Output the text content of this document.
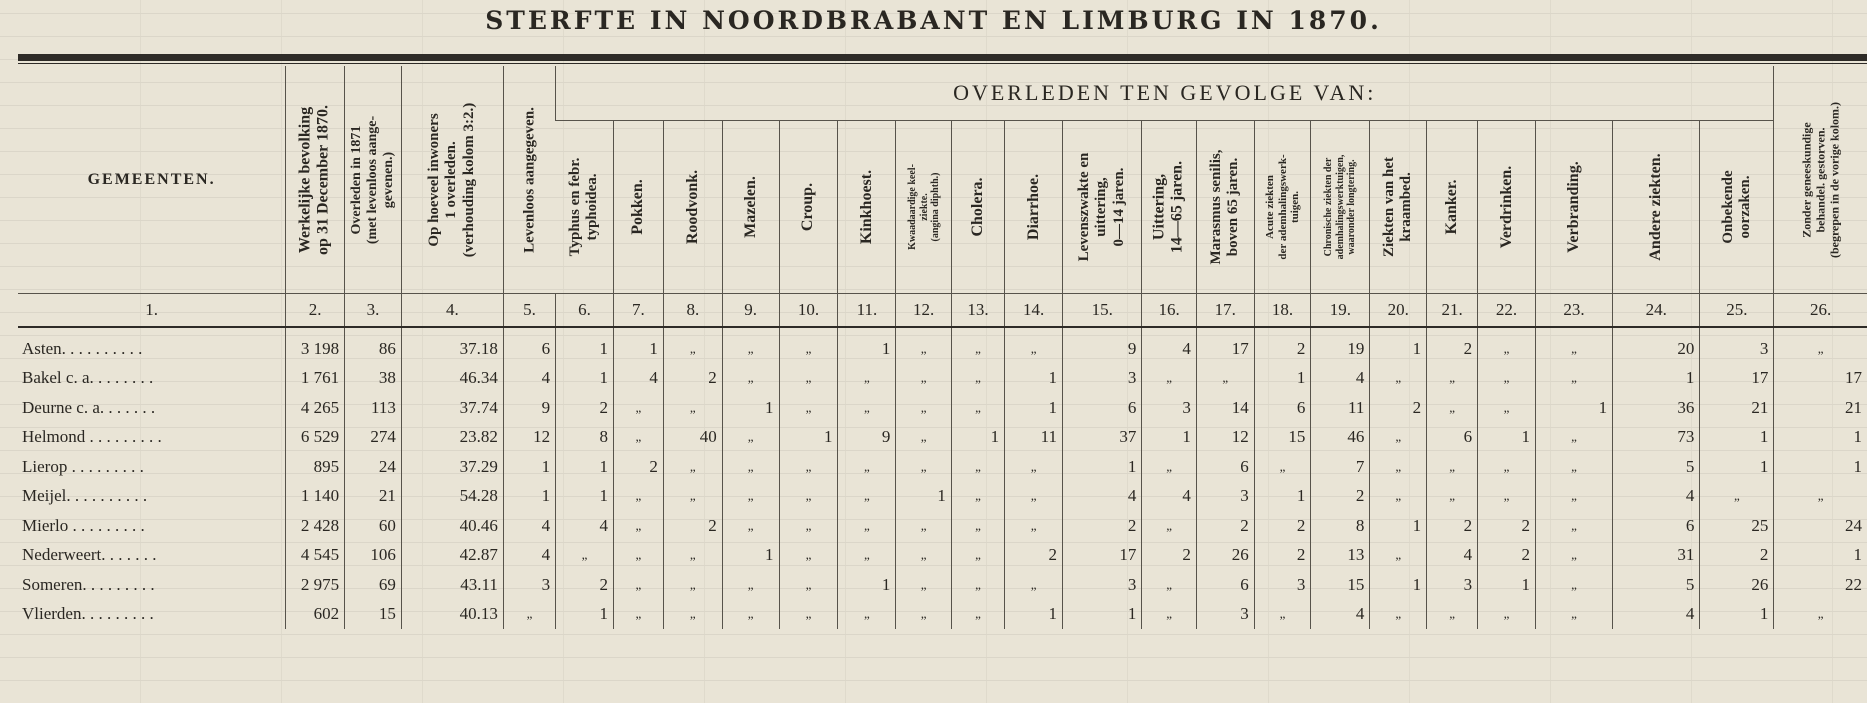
STERFTE IN NOORDBRABANT EN LIMBURG IN 1870.
GEMEENTEN.	Werkelijke bevolking
op 31 December 1870.	Overleden in 1871
(met levenloos aange-
gevenen.)	Op hoeveel inwoners
1 overleden.
(verhouding kolom 3:2.)	Levenloos aangegeven.	OVERLEDEN TEN GEVOLGE VAN:																				Zonder geneeskundige
behandel. gestorven.
(begrepen in de vorige kolom.)

					Typhus en febr.
typhoidea.	Pokken.	Roodvonk.	Mazelen.	Croup.	Kinkhoest.	Kwaadaardige keel-
ziekte.
(angina diphth.)	Cholera.	Diarrhoe.	Levenszwakte en
uittering,
0—14 jaren.	Uittering,
14—65 jaren.	Marasmus senilis,
boven 65 jaren.	Acute ziekten
der ademhalingswerk-
tuigen.	Chronische ziekten der
ademhalingswerktuigen,
waaronder longtering.	Ziekten van het
kraambed.	Kanker.	Verdrinken.	Verbranding.	Andere ziekten.	Onbekende
oorzaken.	

1.	2.	3.	4.	5.	6.	7.	8.	9.	10.	11.	12.	13.	14.	15.	16.	17.	18.	19.	20.	21.	22.	23.	24.	25.	26.

Asten. . . . . . . . . .	3 198	86	37.18	6	1	1	„	„	„	1	„	„	„	9	4	17	2	19	1	2	„	„	20	3	„
Bakel c. a. . . . . . . .	1 761	38	46.34	4	1	4	2	„	„	„	„	„	1	3	„	„	1	4	„	„	„	„	1	17	17
Deurne c. a. . . . . . .	4 265	113	37.74	9	2	„	„	1	„	„	„	„	1	6	3	14	6	11	2	„	„	1	36	21	21
Helmond . . . . . . . . .	6 529	274	23.82	12	8	„	40	„	1	9	„	1	11	37	1	12	15	46	„	6	1	„	73	1	1
Lierop . . . . . . . . .	895	24	37.29	1	1	2	„	„	„	„	„	„	„	1	„	6	„	7	„	„	„	„	5	1	1
Meijel. . . . . . . . . .	1 140	21	54.28	1	1	„	„	„	„	„	1	„	„	4	4	3	1	2	„	„	„	„	4	„	„
Mierlo . . . . . . . . .	2 428	60	40.46	4	4	„	2	„	„	„	„	„	„	2	„	2	2	8	1	2	2	„	6	25	24
Nederweert. . . . . . .	4 545	106	42.87	4	„	„	„	1	„	„	„	„	2	17	2	26	2	13	„	4	2	„	31	2	1
Someren. . . . . . . . .	2 975	69	43.11	3	2	„	„	„	„	1	„	„	„	3	„	6	3	15	1	3	1	„	5	26	22
Vlierden. . . . . . . . .	602	15	40.13	„	1	„	„	„	„	„	„	„	1	1	„	3	„	4	„	„	„	„	4	1	„
